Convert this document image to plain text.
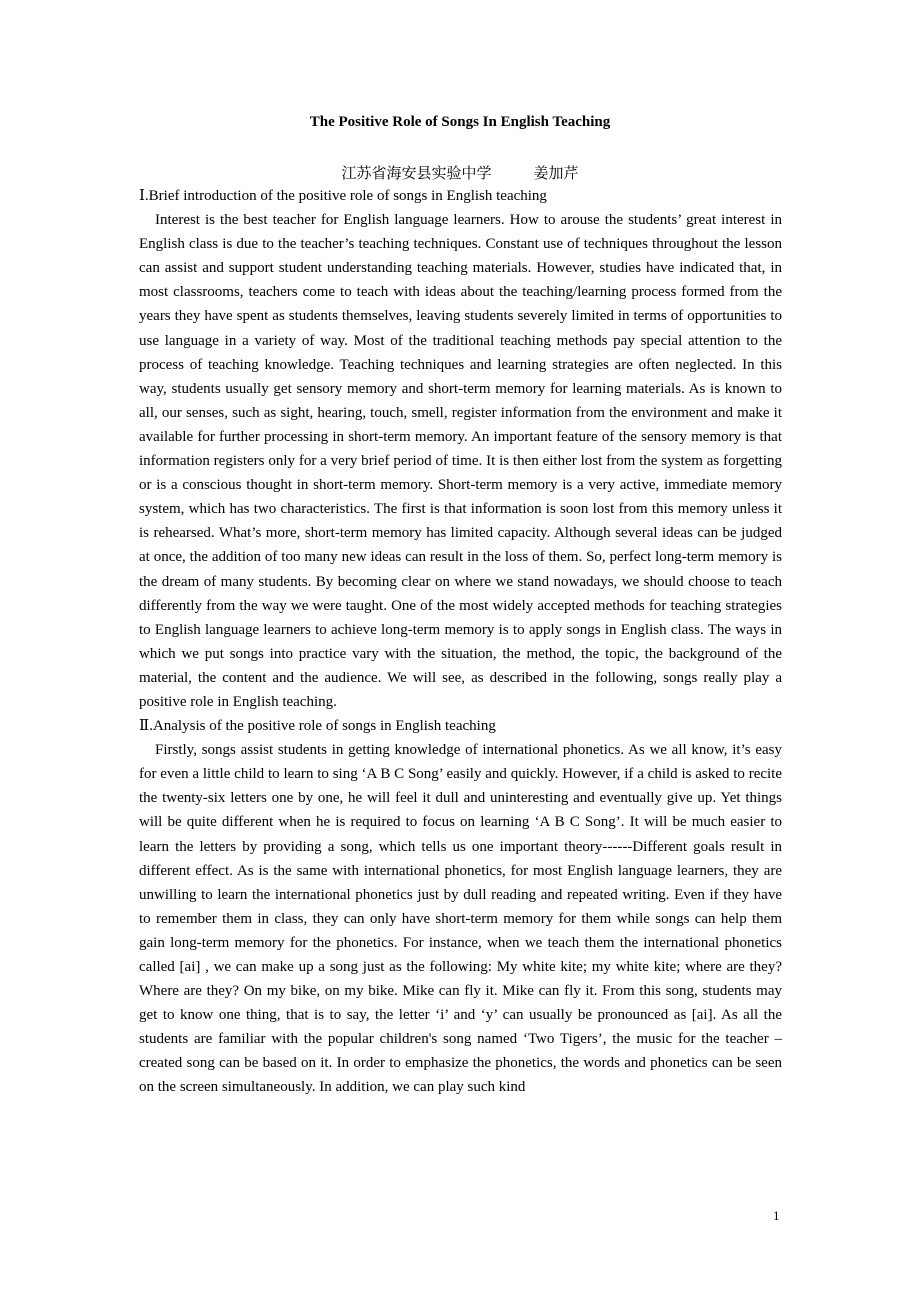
The Positive Role of Songs In English Teaching
江苏省海安县实验中学	姜加芹

Ⅰ.Brief introduction of the positive role of songs in English teaching

Interest is the best teacher for English language learners. How to arouse the students’ great interest in English class is due to the teacher’s teaching techniques. Constant use of techniques throughout the lesson can assist and support student understanding teaching materials. However, studies have indicated that, in most classrooms, teachers come to teach with ideas about the teaching/learning process formed from the years they have spent as students themselves, leaving students severely limited in terms of opportunities to use language in a variety of way. Most of the traditional teaching methods pay special attention to the process of teaching knowledge. Teaching techniques and learning strategies are often neglected. In this way, students usually get sensory memory and short-term memory for learning materials. As is known to all, our senses, such as sight, hearing, touch, smell, register information from the environment and make it available for further processing in short-term memory. An important feature of the sensory memory is that information registers only for a very brief period of time. It is then either lost from the system as forgetting or is a conscious thought in short-term memory. Short-term memory is a very active, immediate memory system, which has two characteristics. The first is that information is soon lost from this memory unless it is rehearsed. What’s more, short-term memory has limited capacity. Although several ideas can be judged at once, the addition of too many new ideas can result in the loss of them. So, perfect long-term memory is the dream of many students. By becoming clear on where we stand nowadays, we should choose to teach differently from the way we were taught. One of the most widely accepted methods for teaching strategies to English language learners to achieve long-term memory is to apply songs in English class. The ways in which we put songs into practice vary with the situation, the method, the topic, the background of the material, the content and the audience. We will see, as described in the following, songs really play a positive role in English teaching.

Ⅱ.Analysis of the positive role of songs in English teaching

Firstly, songs assist students in getting knowledge of international phonetics. As we all know, it’s easy for even a little child to learn to sing ‘A B C Song’ easily and quickly. However, if a child is asked to recite the twenty-six letters one by one, he will feel it dull and uninteresting and eventually give up. Yet things will be quite different when he is required to focus on learning ‘A B C Song’. It will be much easier to learn the letters by providing a song, which tells us one important theory------Different goals result in different effect. As is the same with international phonetics, for most English language learners, they are unwilling to learn the international phonetics just by dull reading and repeated writing. Even if they have to remember them in class, they can only have short-term memory for them while songs can help them gain long-term memory for the phonetics. For instance, when we teach them the international phonetics called [ai] , we can make up a song just as the following: My white kite; my white kite; where are they? Where are they? On my bike, on my bike. Mike can fly it. Mike can fly it. From this song, students may get to know one thing, that is to say, the letter ‘i’ and ‘y’ can usually be pronounced as [ai]. As all the students are familiar with the popular children's song named ‘Two Tigers’, the music for the teacher –created song can be based on it. In order to emphasize the phonetics, the words and phonetics can be seen on the screen simultaneously. In addition, we can play such kind

1
